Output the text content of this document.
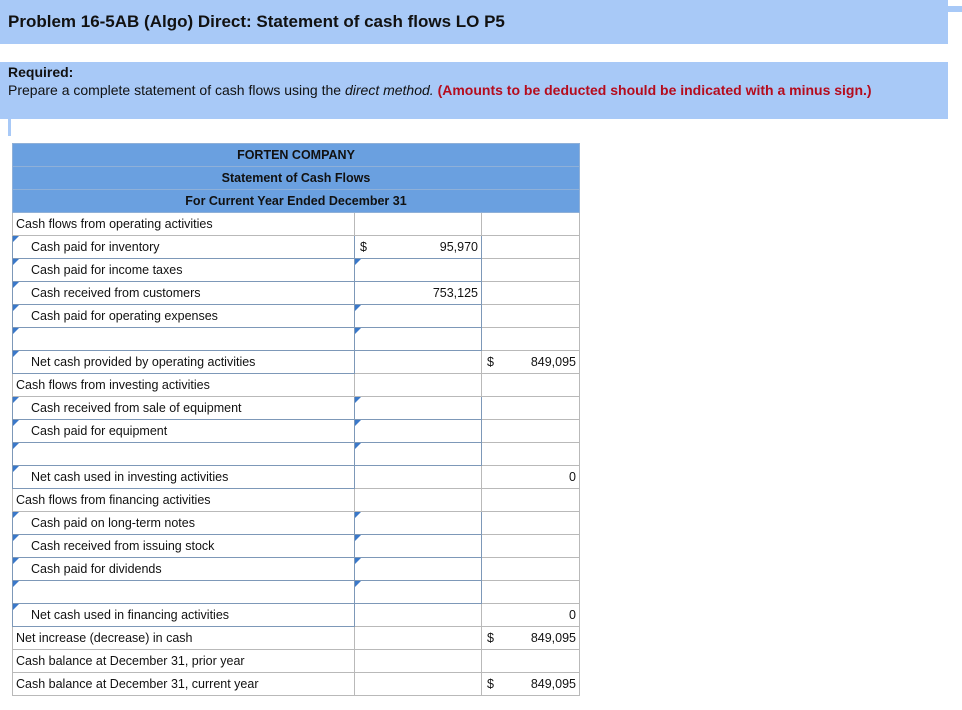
Problem 16-5AB (Algo) Direct: Statement of cash flows LO P5
Required:
Prepare a complete statement of cash flows using the direct method. (Amounts to be deducted should be indicated with a minus sign.)
FORTEN COMPANY		
Statement of Cash Flows		
For Current Year Ended December 31		
Cash flows from operating activities		
Cash paid for inventory	$ 95,970	
Cash paid for income taxes		
Cash received from customers	753,125	
Cash paid for operating expenses		

Net cash provided by operating activities		$ 849,095
Cash flows from investing activities		
Cash received from sale of equipment		
Cash paid for equipment		

Net cash used in investing activities		0
Cash flows from financing activities		
Cash paid on long-term notes		
Cash received from issuing stock		
Cash paid for dividends		

Net cash used in financing activities		0
Net increase (decrease) in cash		$ 849,095
Cash balance at December 31, prior year		
Cash balance at December 31, current year		$ 849,095
